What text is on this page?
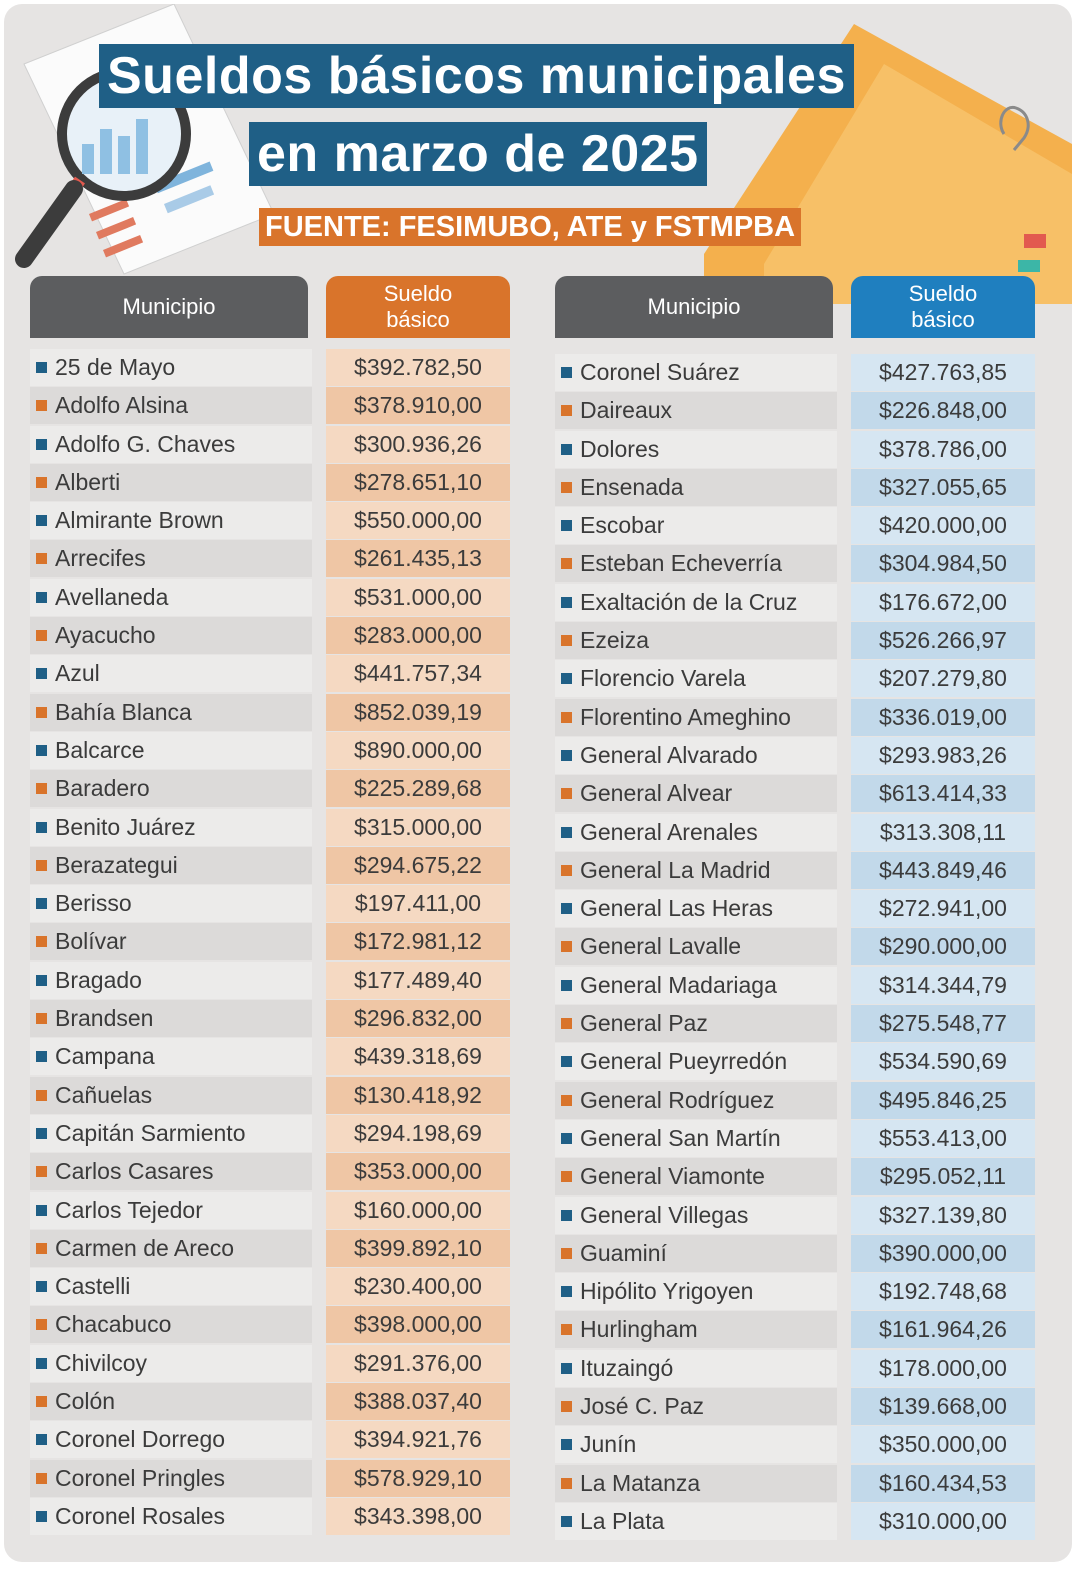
Sueldos básicos municipales
en marzo de 2025
FUENTE: FESIMUBO, ATE y FSTMPBA
Municipio
Sueldo
básico
Municipio
Sueldo
básico
25 de Mayo	$392.782,50
Adolfo Alsina	$378.910,00
Adolfo G. Chaves	$300.936,26
Alberti	$278.651,10
Almirante Brown	$550.000,00
Arrecifes	$261.435,13
Avellaneda	$531.000,00
Ayacucho	$283.000,00
Azul	$441.757,34
Bahía Blanca	$852.039,19
Balcarce	$890.000,00
Baradero	$225.289,68
Benito Juárez	$315.000,00
Berazategui	$294.675,22
Berisso	$197.411,00
Bolívar	$172.981,12
Bragado	$177.489,40
Brandsen	$296.832,00
Campana	$439.318,69
Cañuelas	$130.418,92
Capitán Sarmiento	$294.198,69
Carlos Casares	$353.000,00
Carlos Tejedor	$160.000,00
Carmen de Areco	$399.892,10
Castelli	$230.400,00
Chacabuco	$398.000,00
Chivilcoy	$291.376,00
Colón	$388.037,40
Coronel Dorrego	$394.921,76
Coronel Pringles	$578.929,10
Coronel Rosales	$343.398,00
Coronel Suárez	$427.763,85
Daireaux	$226.848,00
Dolores	$378.786,00
Ensenada	$327.055,65
Escobar	$420.000,00
Esteban Echeverría	$304.984,50
Exaltación de la Cruz	$176.672,00
Ezeiza	$526.266,97
Florencio Varela	$207.279,80
Florentino Ameghino	$336.019,00
General Alvarado	$293.983,26
General Alvear	$613.414,33
General Arenales	$313.308,11
General La Madrid	$443.849,46
General Las Heras	$272.941,00
General Lavalle	$290.000,00
General Madariaga	$314.344,79
General Paz	$275.548,77
General Pueyrredón	$534.590,69
General Rodríguez	$495.846,25
General San Martín	$553.413,00
General Viamonte	$295.052,11
General Villegas	$327.139,80
Guaminí	$390.000,00
Hipólito Yrigoyen	$192.748,68
Hurlingham	$161.964,26
Ituzaingó	$178.000,00
José C. Paz	$139.668,00
Junín	$350.000,00
La Matanza	$160.434,53
La Plata	$310.000,00
